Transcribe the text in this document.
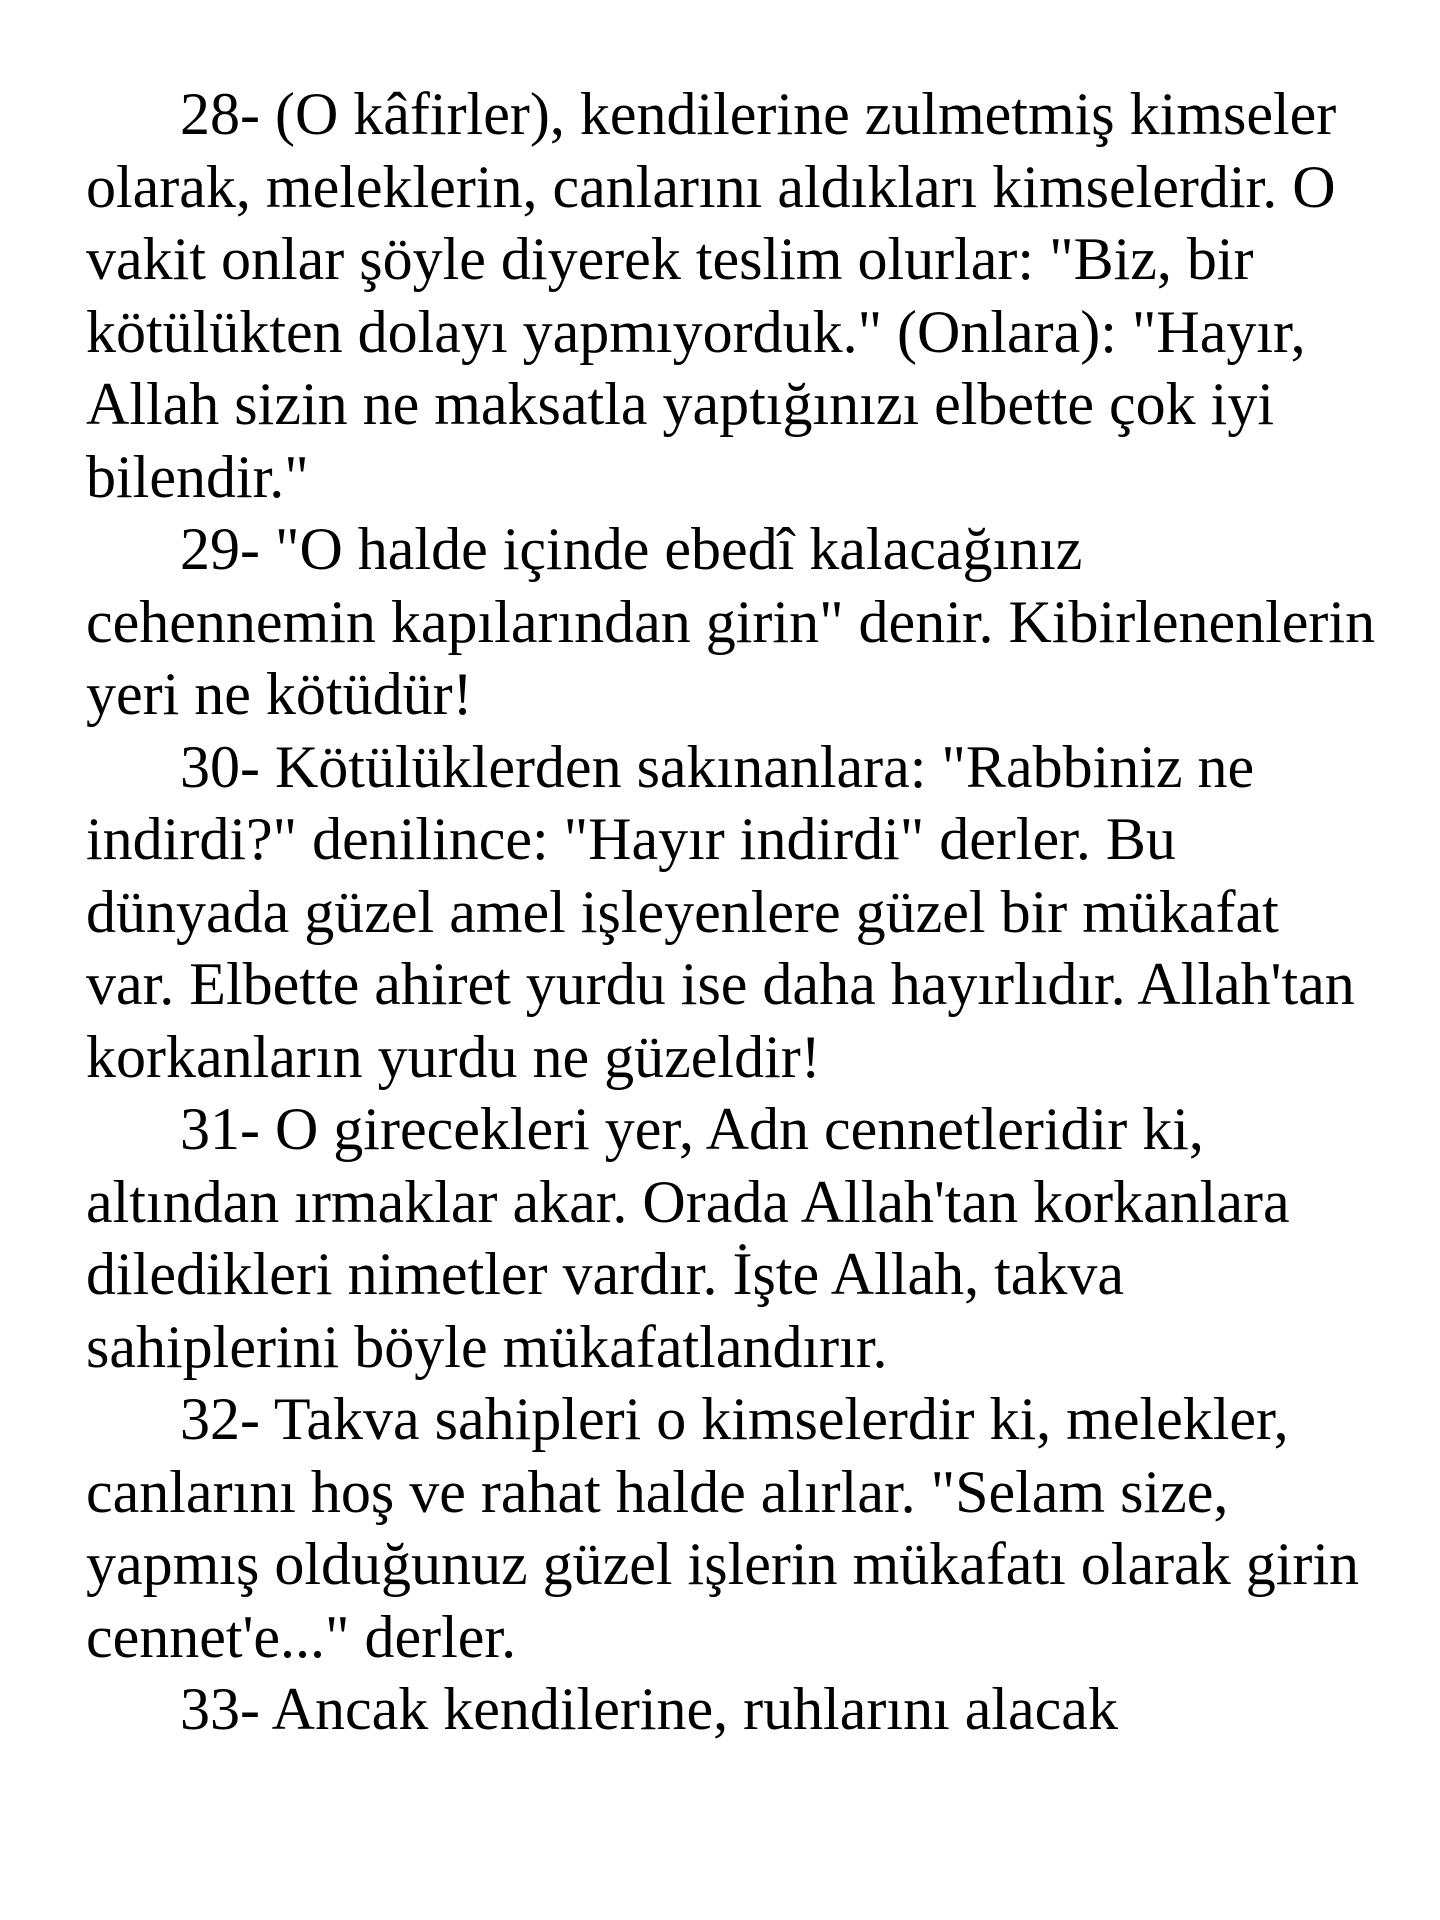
28- (O kâfirler), kendilerine zulmetmiş kimseler olarak, meleklerin, canlarını aldıkları kimselerdir. O vakit onlar şöyle diyerek teslim olurlar: "Biz, bir kötülükten dolayı yapmıyorduk." (Onlara): "Hayır, Allah sizin ne maksatla yaptığınızı elbette çok iyi bilendir."

29- "O halde içinde ebedî kalacağınız cehennemin kapılarından girin" denir. Kibirlenenlerin yeri ne kötüdür!

30- Kötülüklerden sakınanlara: "Rabbiniz ne indirdi?" denilince: "Hayır indirdi" derler. Bu dünyada güzel amel işleyenlere güzel bir mükafat var. Elbette ahiret yurdu ise daha hayırlıdır. Allah'tan korkanların yurdu ne güzeldir!

31- O girecekleri yer, Adn cennetleridir ki, altından ırmaklar akar. Orada Allah'tan korkanlara diledikleri nimetler vardır. İşte Allah, takva sahiplerini böyle mükafatlandırır.

32- Takva sahipleri o kimselerdir ki, melekler, canlarını hoş ve rahat halde alırlar. "Selam size, yapmış olduğunuz güzel işlerin mükafatı olarak girin cennet'e..." derler.

33- Ancak kendilerine, ruhlarını alacak
